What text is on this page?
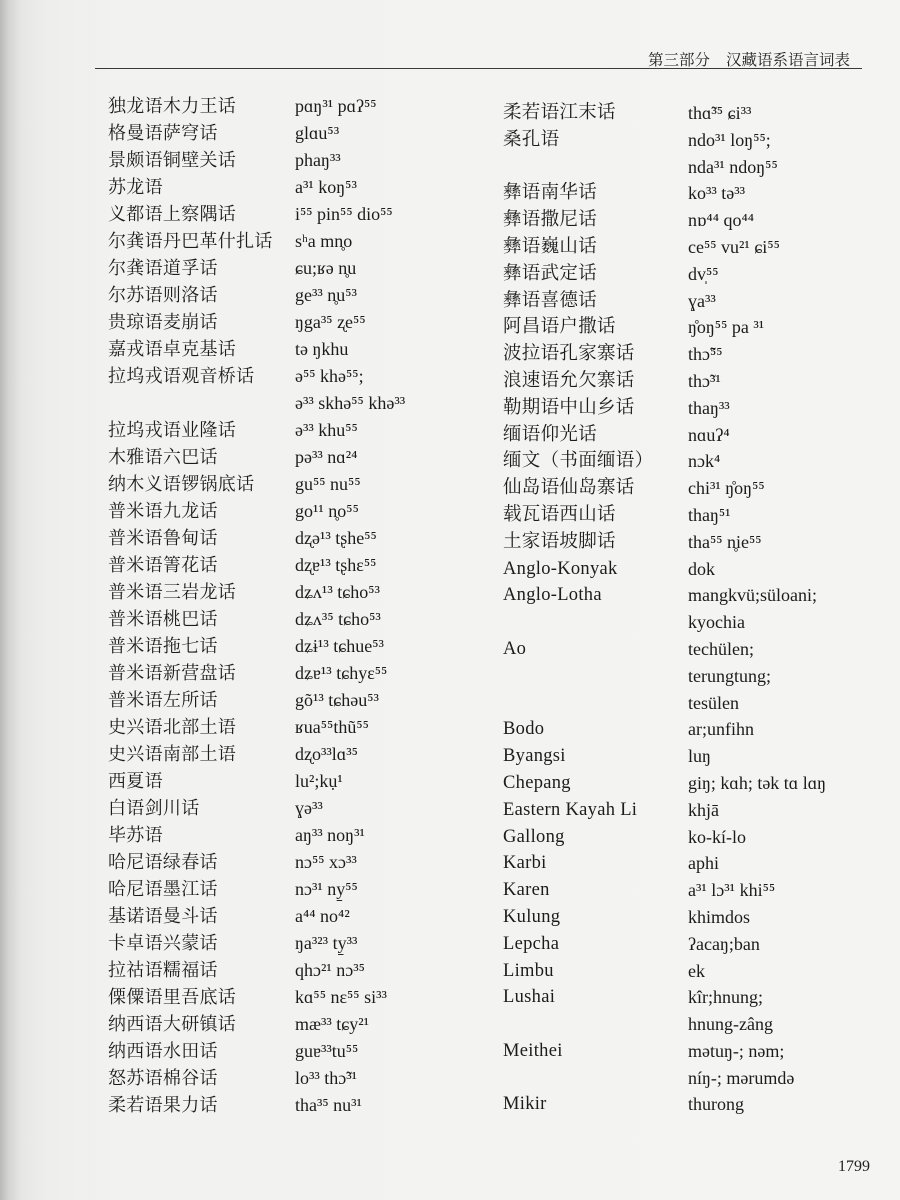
第三部分 汉藏语系语言词表
独龙语木力王话	pɑŋ³¹ pɑʔ⁵⁵
格曼语萨穹话	glɑu⁵³
景颇语铜壁关话	phaŋ³³
苏龙语	a³¹ koŋ⁵³
义都语上察隅话	i⁵⁵ pin⁵⁵ dio⁵⁵
尔龚语丹巴革什扎话	sʰa mn̥o
尔龚语道孚话	ɕu;ʁə n̥u
尔苏语则洛话	ge³³ n̥u⁵³
贵琼语麦崩话	ŋga³⁵ ʐe⁵⁵
嘉戎语卓克基话	tə ŋkhu
拉坞戎语观音桥话	ə⁵⁵ khə⁵⁵;
ə³³ skhə⁵⁵ khə³³
拉坞戎语业隆话	ə³³ khu⁵⁵
木雅语六巴话	pə³³ nɑ²⁴
纳木义语锣锅底话	gu⁵⁵ nu⁵⁵
普米语九龙话	go¹¹ n̥o⁵⁵
普米语鲁甸话	dʐə¹³ tʂhe⁵⁵
普米语箐花话	dʐɐ¹³ tʂhɛ⁵⁵
普米语三岩龙话	dʑʌ¹³ tɕho⁵³
普米语桃巴话	dʑʌ³⁵ tɕho⁵³
普米语拖七话	dʑɨ¹³ tɕhue⁵³
普米语新营盘话	dʑɐ¹³ tɕhyɛ⁵⁵
普米语左所话	gõ¹³ tɕhəu⁵³
史兴语北部土语	ʁua⁵⁵thũ⁵⁵
史兴语南部土语	dʐo³³lɑ³⁵
西夏语	lu²;kụ¹
白语剑川话	ɣə³³
毕苏语	aŋ³³ noŋ³¹
哈尼语绿春话	nɔ⁵⁵ xɔ³³
哈尼语墨江话	nɔ³¹ ny̠⁵⁵
基诺语曼斗话	a⁴⁴ no⁴²
卡卓语兴蒙话	ŋa³²³ ty̠³³
拉祜语糯福话	qhɔ²¹ nɔ³⁵
傈僳语里吾底话	kɑ⁵⁵ nɛ⁵⁵ si³³
纳西语大研镇话	mæ³³ tɕy²¹
纳西语水田话	guɐ³³tu⁵⁵
怒苏语棉谷话	lo³³ thɔ̃³¹
柔若语果力话	tha³⁵ nu³¹
柔若语江末话	thɑ̃³⁵ ɕi³³
桑孔语	ndo³¹ loŋ⁵⁵;
nda³¹ ndoŋ⁵⁵
彝语南华话	ko³³ tə³³
彝语撒尼话	nɒ⁴⁴ qo⁴⁴
彝语巍山话	ce⁵⁵ vu²¹ ɕi⁵⁵
彝语武定话	dv̩⁵⁵
彝语喜德话	ɣa³³
阿昌语户撒话	ŋ̊oŋ⁵⁵ pa ³¹
波拉语孔家寨话	thɔ̃⁵⁵
浪速语允欠寨话	thɔ̃³¹
勒期语中山乡话	thaŋ³³
缅语仰光话	nɑuʔ⁴
缅文（书面缅语）	nɔk⁴
仙岛语仙岛寨话	chi³¹ ŋ̊oŋ⁵⁵
载瓦语西山话	thaŋ⁵¹
土家语坡脚话	tha⁵⁵ n̥ie⁵⁵
Anglo-Konyak	dok
Anglo-Lotha	mangkvü;süloani;
kyochia
Ao	techülen;
terungtung;
tesülen
Bodo	ar;unfihn
Byangsi	luŋ
Chepang	giŋ; kɑh; tək tɑ lɑŋ
Eastern Kayah Li	khjā
Gallong	ko-kí-lo
Karbi	aphi
Karen	a³¹ lɔ³¹ khi⁵⁵
Kulung	khimdos
Lepcha	ʔacaŋ;ban
Limbu	ek
Lushai	kîr;hnung;
hnung-zâng
Meithei	mətuŋ-; nəm;
níŋ-; mərumdə
Mikir	thurong
1799
